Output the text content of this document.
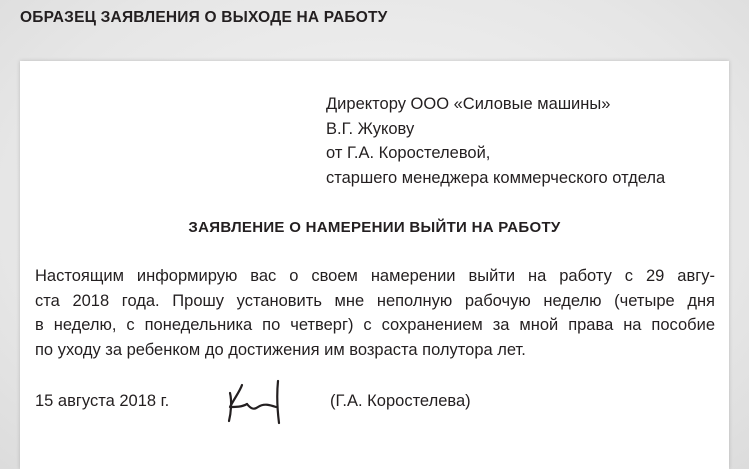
ОБРАЗЕЦ ЗАЯВЛЕНИЯ О ВЫХОДЕ НА РАБОТУ
Директору ООО «Силовые машины»
В.Г. Жукову
от Г.А. Коростелевой,
старшего менеджера коммерческого отдела
ЗАЯВЛЕНИЕ О НАМЕРЕНИИ ВЫЙТИ НА РАБОТУ
Настоящим информирую вас о своем намерении выйти на работу с 29 авгу-
ста 2018 года. Прошу установить мне неполную рабочую неделю (четыре дня
в неделю, с понедельника по четверг) с сохранением за мной права на пособие
по уходу за ребенком до достижения им возраста полутора лет.
15 августа 2018 г.	(Г.А. Коростелева)
